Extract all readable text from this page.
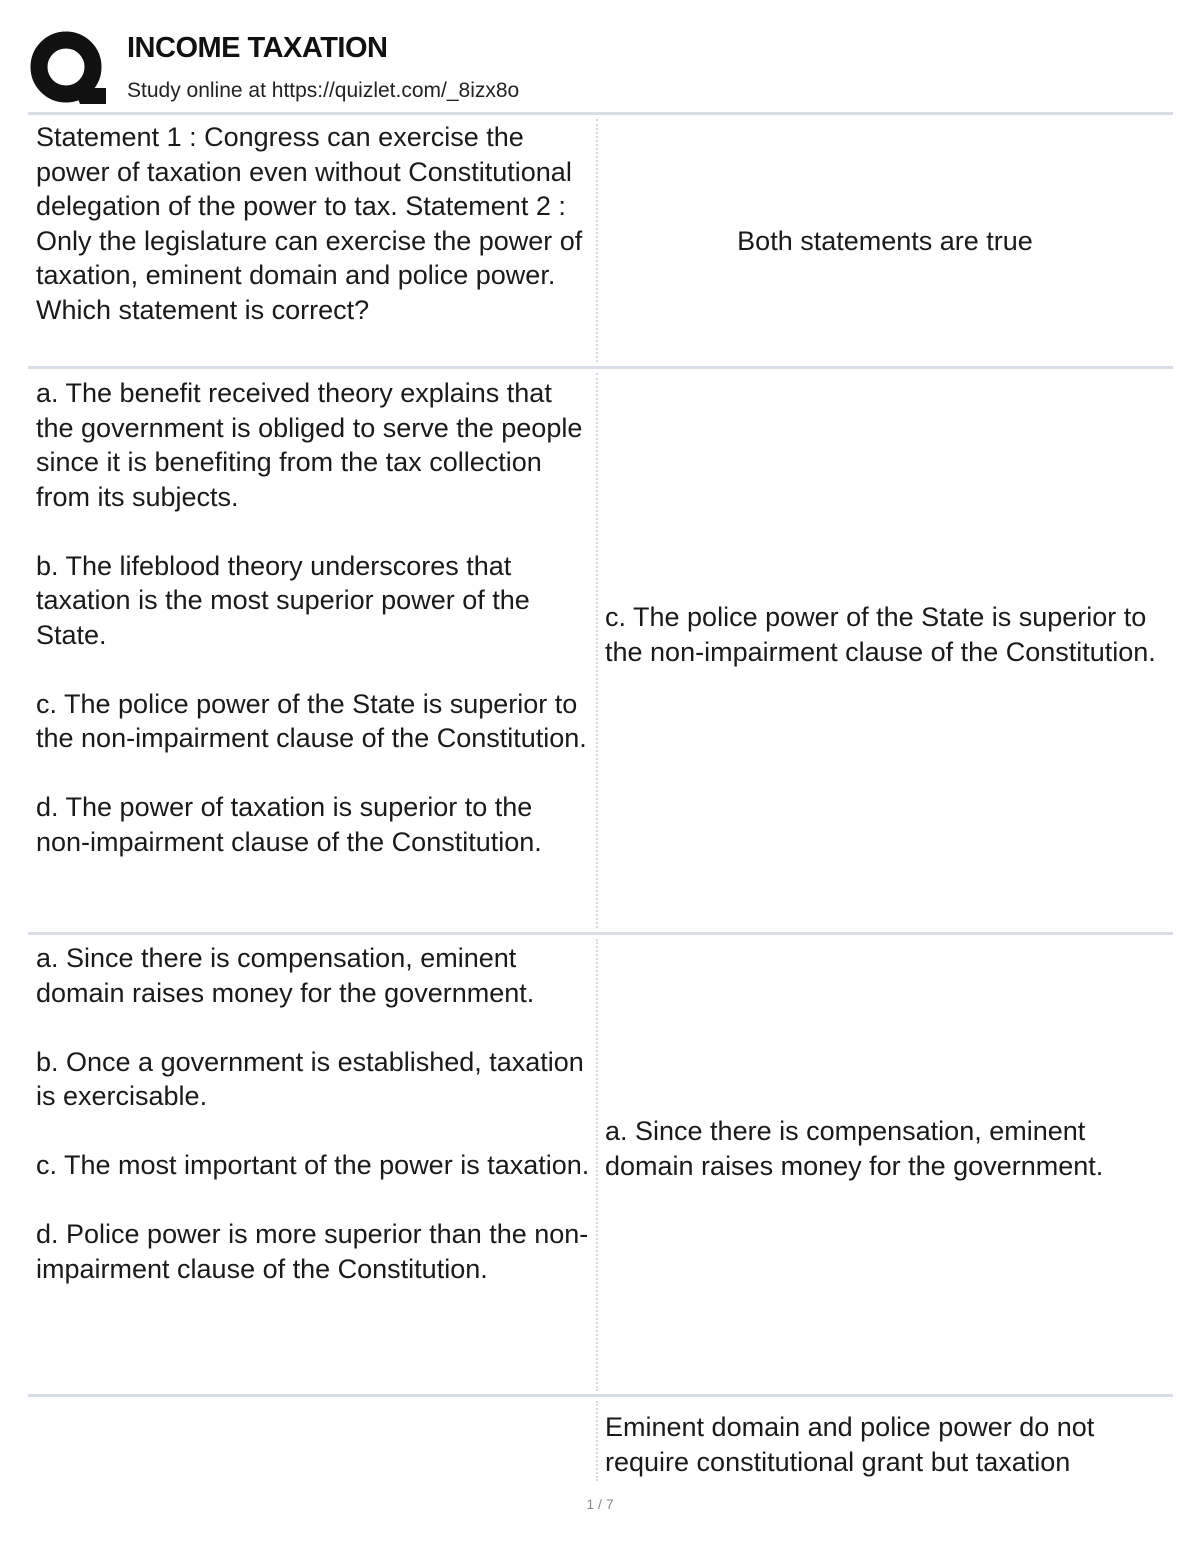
INCOME TAXATION
Study online at https://quizlet.com/_8izx8o
Statement 1 : Congress can exercise the power of taxation even without Constitutional delegation of the power to tax. Statement 2 : Only the legislature can exercise the power of taxation, eminent domain and police power. Which statement is correct?
Both statements are true
a. The benefit received theory explains that the government is obliged to serve the people since it is benefiting from the tax collection from its subjects.

b. The lifeblood theory underscores that taxation is the most superior power of the State.

c. The police power of the State is superior to the non-impairment clause of the Constitution.

d. The power of taxation is superior to the non-impairment clause of the Constitution.
c. The police power of the State is superior to the non-impairment clause of the Constitution.
a. Since there is compensation, eminent domain raises money for the government.

b. Once a government is established, taxation is exercisable.

c. The most important of the power is taxation.

d. Police power is more superior than the non-impairment clause of the Constitution.
a. Since there is compensation, eminent domain raises money for the government.
Eminent domain and police power do not require constitutional grant but taxation
1 / 7
